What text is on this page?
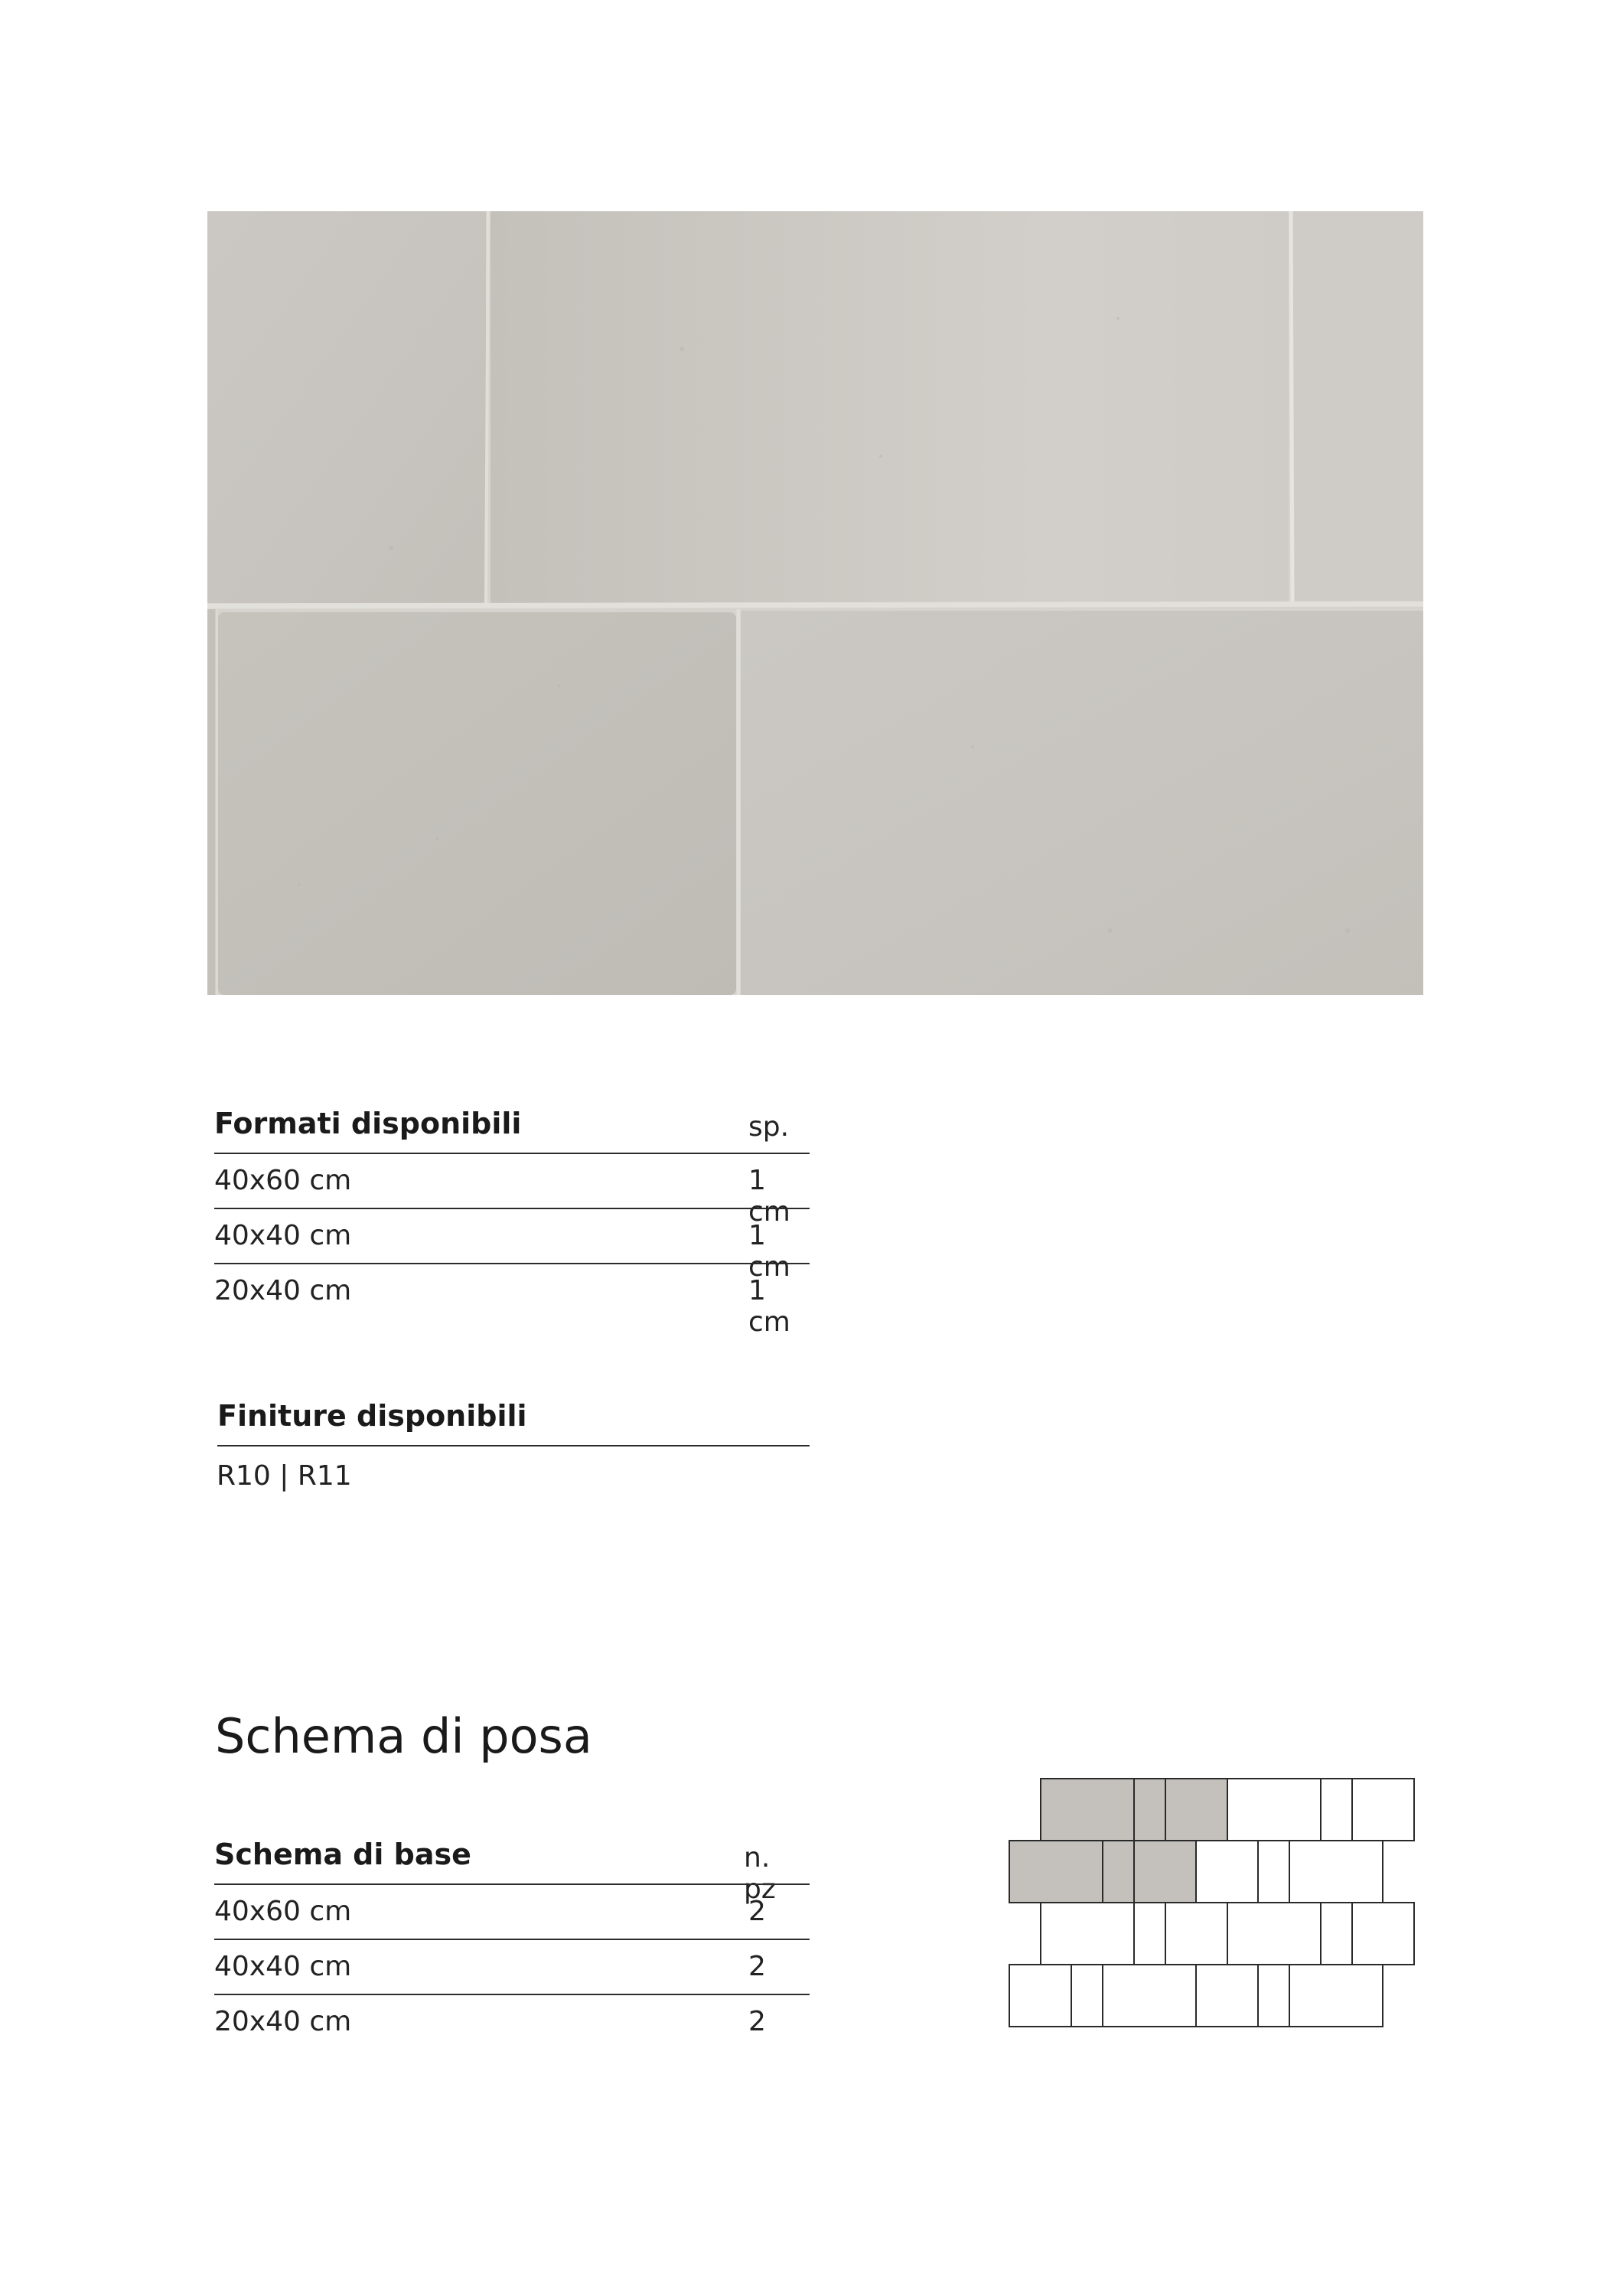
Formati disponibili	sp.
40x60 cm	1 cm
40x40 cm	1 cm
20x40 cm	1 cm
Finiture disponibili
R10 | R11
Schema di posa
Schema di base	n. pz
40x60 cm	2
40x40 cm	2
20x40 cm	2
